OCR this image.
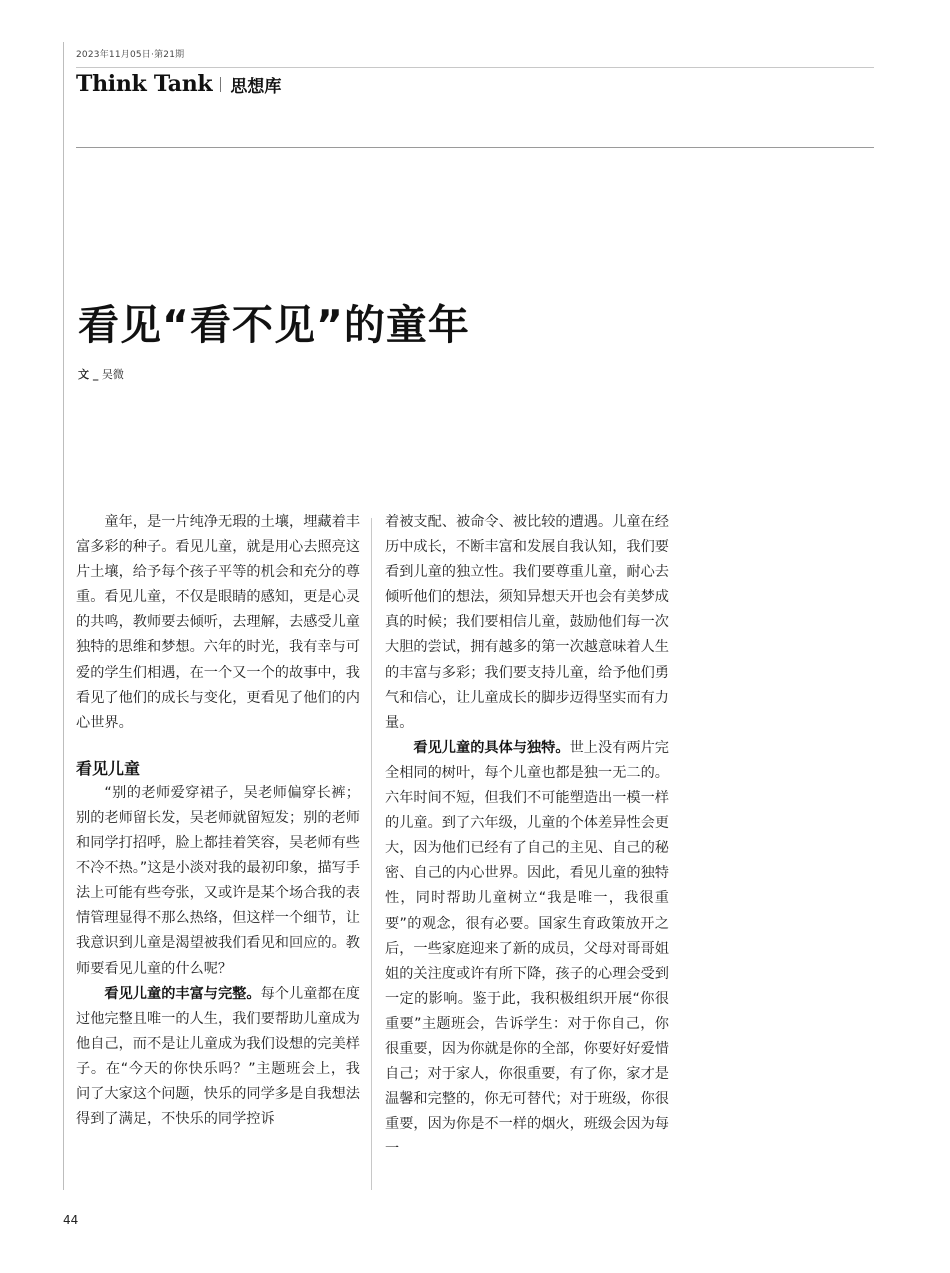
2023年11月05日·第21期
Think Tank 思想库
看见“看不见”的童年
文 _ 吴微

童年，是一片纯净无瑕的土壤，埋藏着丰富多彩的种子。看见儿童，就是用心去照亮这片土壤，给予每个孩子平等的机会和充分的尊重。看见儿童，不仅是眼睛的感知，更是心灵的共鸣，教师要去倾听，去理解，去感受儿童独特的思维和梦想。六年的时光，我有幸与可爱的学生们相遇，在一个又一个的故事中，我看见了他们的成长与变化，更看见了他们的内心世界。

看见儿童

“别的老师爱穿裙子，吴老师偏穿长裤；别的老师留长发，吴老师就留短发；别的老师和同学打招呼，脸上都挂着笑容，吴老师有些不冷不热。”这是小淡对我的最初印象，描写手法上可能有些夸张，又或许是某个场合我的表情管理显得不那么热络，但这样一个细节，让我意识到儿童是渴望被我们看见和回应的。教师要看见儿童的什么呢？

看见儿童的丰富与完整。每个儿童都在度过他完整且唯一的人生，我们要帮助儿童成为他自己，而不是让儿童成为我们设想的完美样子。在“今天的你快乐吗？”主题班会上，我问了大家这个问题，快乐的同学多是自我想法得到了满足，不快乐的同学控诉

着被支配、被命令、被比较的遭遇。儿童在经历中成长，不断丰富和发展自我认知，我们要看到儿童的独立性。我们要尊重儿童，耐心去倾听他们的想法，须知异想天开也会有美梦成真的时候；我们要相信儿童，鼓励他们每一次大胆的尝试，拥有越多的第一次越意味着人生的丰富与多彩；我们要支持儿童，给予他们勇气和信心，让儿童成长的脚步迈得坚实而有力量。

看见儿童的具体与独特。世上没有两片完全相同的树叶，每个儿童也都是独一无二的。六年时间不短，但我们不可能塑造出一模一样的儿童。到了六年级，儿童的个体差异性会更大，因为他们已经有了自己的主见、自己的秘密、自己的内心世界。因此，看见儿童的独特性，同时帮助儿童树立“我是唯一，我很重要”的观念，很有必要。国家生育政策放开之后，一些家庭迎来了新的成员，父母对哥哥姐姐的关注度或许有所下降，孩子的心理会受到一定的影响。鉴于此，我积极组织开展“你很重要”主题班会，告诉学生：对于你自己，你很重要，因为你就是你的全部，你要好好爱惜自己；对于家人，你很重要，有了你，家才是温馨和完整的，你无可替代；对于班级，你很重要，因为你是不一样的烟火，班级会因为每一

44
